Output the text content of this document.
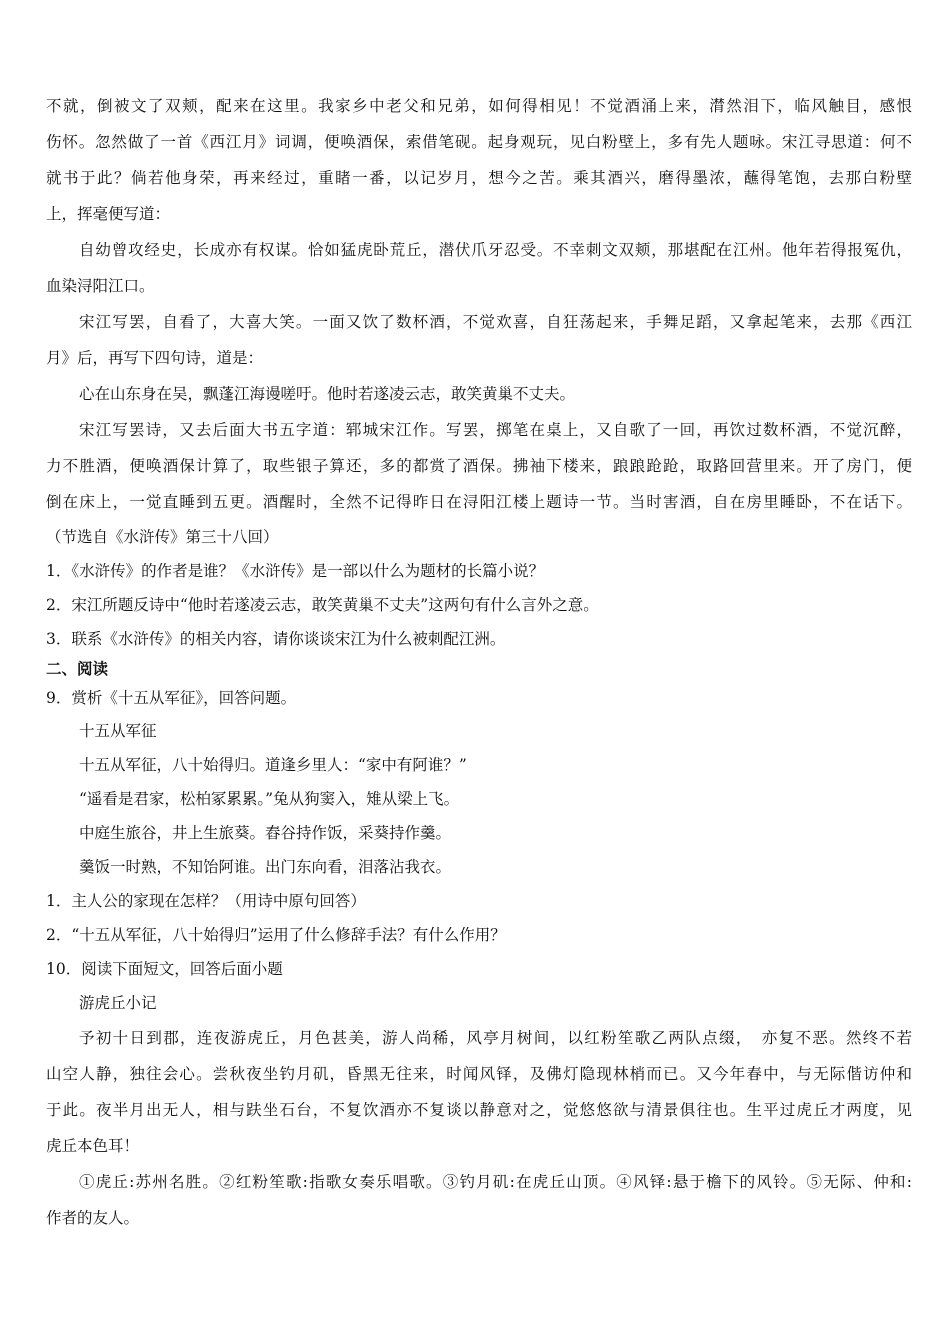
不就，倒被文了双颊，配来在这里。我家乡中老父和兄弟，如何得相见！不觉酒涌上来，潸然泪下，临风触目，感恨
伤怀。忽然做了一首《西江月》词调，便唤酒保，索借笔砚。起身观玩，见白粉壁上，多有先人题咏。宋江寻思道：何不
就书于此？倘若他身荣，再来经过，重睹一番，以记岁月，想今之苦。乘其酒兴，磨得墨浓，蘸得笔饱，去那白粉壁
上，挥毫便写道：
自幼曾攻经史，长成亦有权谋。恰如猛虎卧荒丘，潜伏爪牙忍受。不幸刺文双颊，那堪配在江州。他年若得报冤仇，
血染浔阳江口。
宋江写罢，自看了，大喜大笑。一面又饮了数杯酒，不觉欢喜，自狂荡起来，手舞足蹈，又拿起笔来，去那《西江
月》后，再写下四句诗，道是：
心在山东身在吴，飘蓬江海谩嗟吁。他时若遂凌云志，敢笑黄巢不丈夫。
宋江写罢诗，又去后面大书五字道：郓城宋江作。写罢，掷笔在桌上，又自歌了一回，再饮过数杯酒，不觉沉醉，
力不胜酒，便唤酒保计算了，取些银子算还，多的都赏了酒保。拂袖下楼来，踉踉跄跄，取路回营里来。开了房门，便
倒在床上，一觉直睡到五更。酒醒时，全然不记得昨日在浔阳江楼上题诗一节。当时害酒，自在房里睡卧，不在话下。
（节选自《水浒传》第三十八回）
1．《水浒传》的作者是谁？《水浒传》是一部以什么为题材的长篇小说？
2．宋江所题反诗中“他时若遂凌云志，敢笑黄巢不丈夫”这两句有什么言外之意。
3．联系《水浒传》的相关内容，请你谈谈宋江为什么被刺配江洲。
二、阅读
9．赏析《十五从军征》，回答问题。
十五从军征
十五从军征，八十始得归。道逢乡里人：“家中有阿谁？”
“遥看是君家，松柏冢累累。”兔从狗窦入，雉从梁上飞。
中庭生旅谷，井上生旅葵。舂谷持作饭，采葵持作羹。
羹饭一时熟，不知饴阿谁。出门东向看，泪落沾我衣。
1．主人公的家现在怎样？（用诗中原句回答）
2．“十五从军征，八十始得归”运用了什么修辞手法？有什么作用？
10．阅读下面短文，回答后面小题
游虎丘小记
予初十日到郡，连夜游虎丘，月色甚美，游人尚稀，风亭月树间，以红粉笙歌乙两队点缀，　亦复不恶。然终不若
山空人静，独往会心。尝秋夜坐钓月矶，昏黑无往来，时闻风铎，及佛灯隐现林梢而已。又今年春中，与无际偕访仲和
于此。夜半月出无人，相与趺坐石台，不复饮酒亦不复谈以静意对之，觉悠悠欲与清景俱往也。生平过虎丘才两度，见
虎丘本色耳！
①虎丘:苏州名胜。②红粉笙歌:指歌女奏乐唱歌。③钓月矶:在虎丘山顶。④风铎:悬于檐下的风铃。⑤无际、仲和:
作者的友人。
